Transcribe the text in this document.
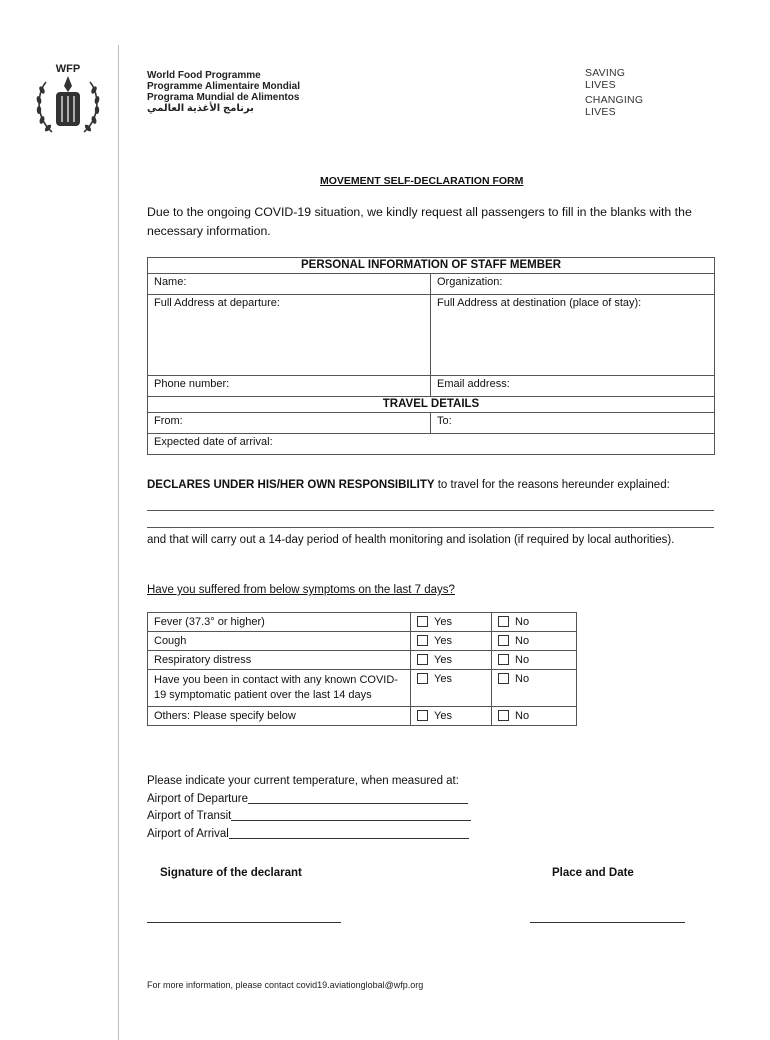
WFP
World Food Programme
Programme Alimentaire Mondial
Programa Mundial de Alimentos
برنامج الأغذية العالمي
SAVING
LIVES
CHANGING
LIVES
MOVEMENT SELF-DECLARATION FORM
Due to the ongoing COVID-19 situation, we kindly request all passengers to fill in the blanks with the necessary information.
PERSONAL INFORMATION OF STAFF MEMBER	
Name:	Organization:
Full Address at departure:	Full Address at destination (place of stay):
Phone number:	Email address:
TRAVEL DETAILS	
From:	To:
Expected date of arrival:	
DECLARES UNDER HIS/HER OWN RESPONSIBILITY to travel for the reasons hereunder explained:
and that will carry out a 14-day period of health monitoring and isolation (if required by local authorities).
Have you suffered from below symptoms on the last 7 days?
Fever (37.3° or higher)	Yes	No
Cough	Yes	No
Respiratory distress	Yes	No
Have you been in contact with any known COVID-19 symptomatic patient over the last 14 days	Yes	No
Others: Please specify below	Yes	No
Please indicate your current temperature, when measured at:
Airport of Departure
Airport of Transit
Airport of Arrival
Signature of the declarant	Place and Date
For more information, please contact covid19.aviationglobal@wfp.org
